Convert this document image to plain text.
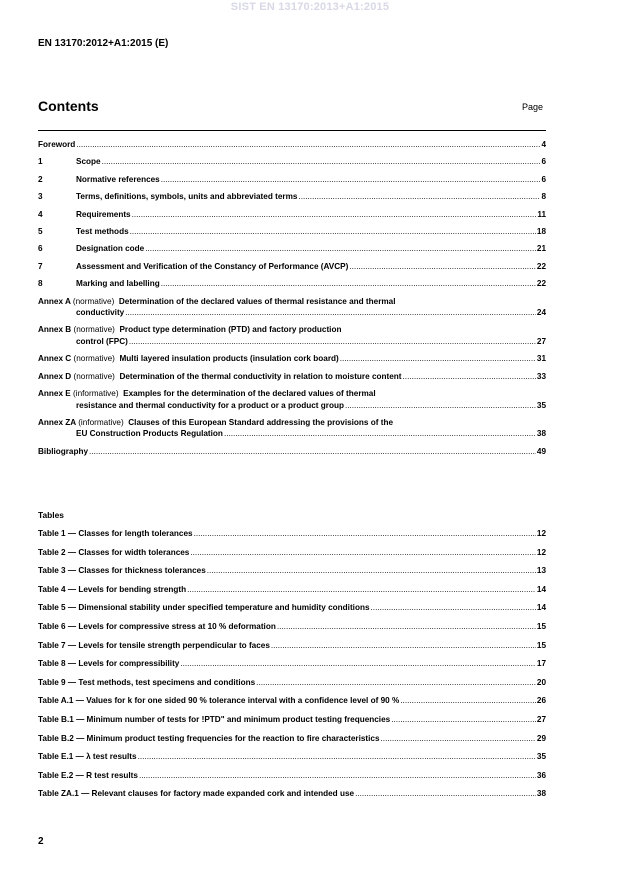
SIST EN 13170:2013+A1:2015
EN 13170:2012+A1:2015 (E)
Contents	Page
Foreword .....	4
1	Scope .....	6
2	Normative references .....	6
3	Terms, definitions, symbols, units and abbreviated terms .....	8
4	Requirements .....	11
5	Test methods .....	18
6	Designation code .....	21
7	Assessment and Verification of the Constancy of Performance (AVCP) .....	22
8	Marking and labelling .....	22
Annex A (normative) Determination of the declared values of thermal resistance and thermal
conductivity .....	24
Annex B (normative) Product type determination (PTD) and factory production
control (FPC) .....	27
Annex C (normative) Multi layered insulation products (insulation cork board) .....	31
Annex D (normative) Determination of the thermal conductivity in relation to moisture content .....	33
Annex E (informative) Examples for the determination of the declared values of thermal
resistance and thermal conductivity for a product or a product group .....	35
Annex ZA (informative) Clauses of this European Standard addressing the provisions of the
EU Construction Products Regulation .....	38
Bibliography .....	49
Tables
Table 1 — Classes for length tolerances .....	12
Table 2 — Classes for width tolerances .....	12
Table 3 — Classes for thickness tolerances .....	13
Table 4 — Levels for bending strength .....	14
Table 5 — Dimensional stability under specified temperature and humidity conditions .....	14
Table 6 — Levels for compressive stress at 10 % deformation .....	15
Table 7 — Levels for tensile strength perpendicular to faces .....	15
Table 8 — Levels for compressibility .....	17
Table 9 — Test methods, test specimens and conditions .....	20
Table A.1 — Values for k for one sided 90 % tolerance interval with a confidence level of 90 % .....	26
Table B.1 — Minimum number of tests for !PTD" and minimum product testing frequencies .....	27
Table B.2 — Minimum product testing frequencies for the reaction to fire characteristics .....	29
Table E.1 — λ test results .....	35
Table E.2 — R test results .....	36
Table ZA.1 — Relevant clauses for factory made expanded cork and intended use .....	38
2
